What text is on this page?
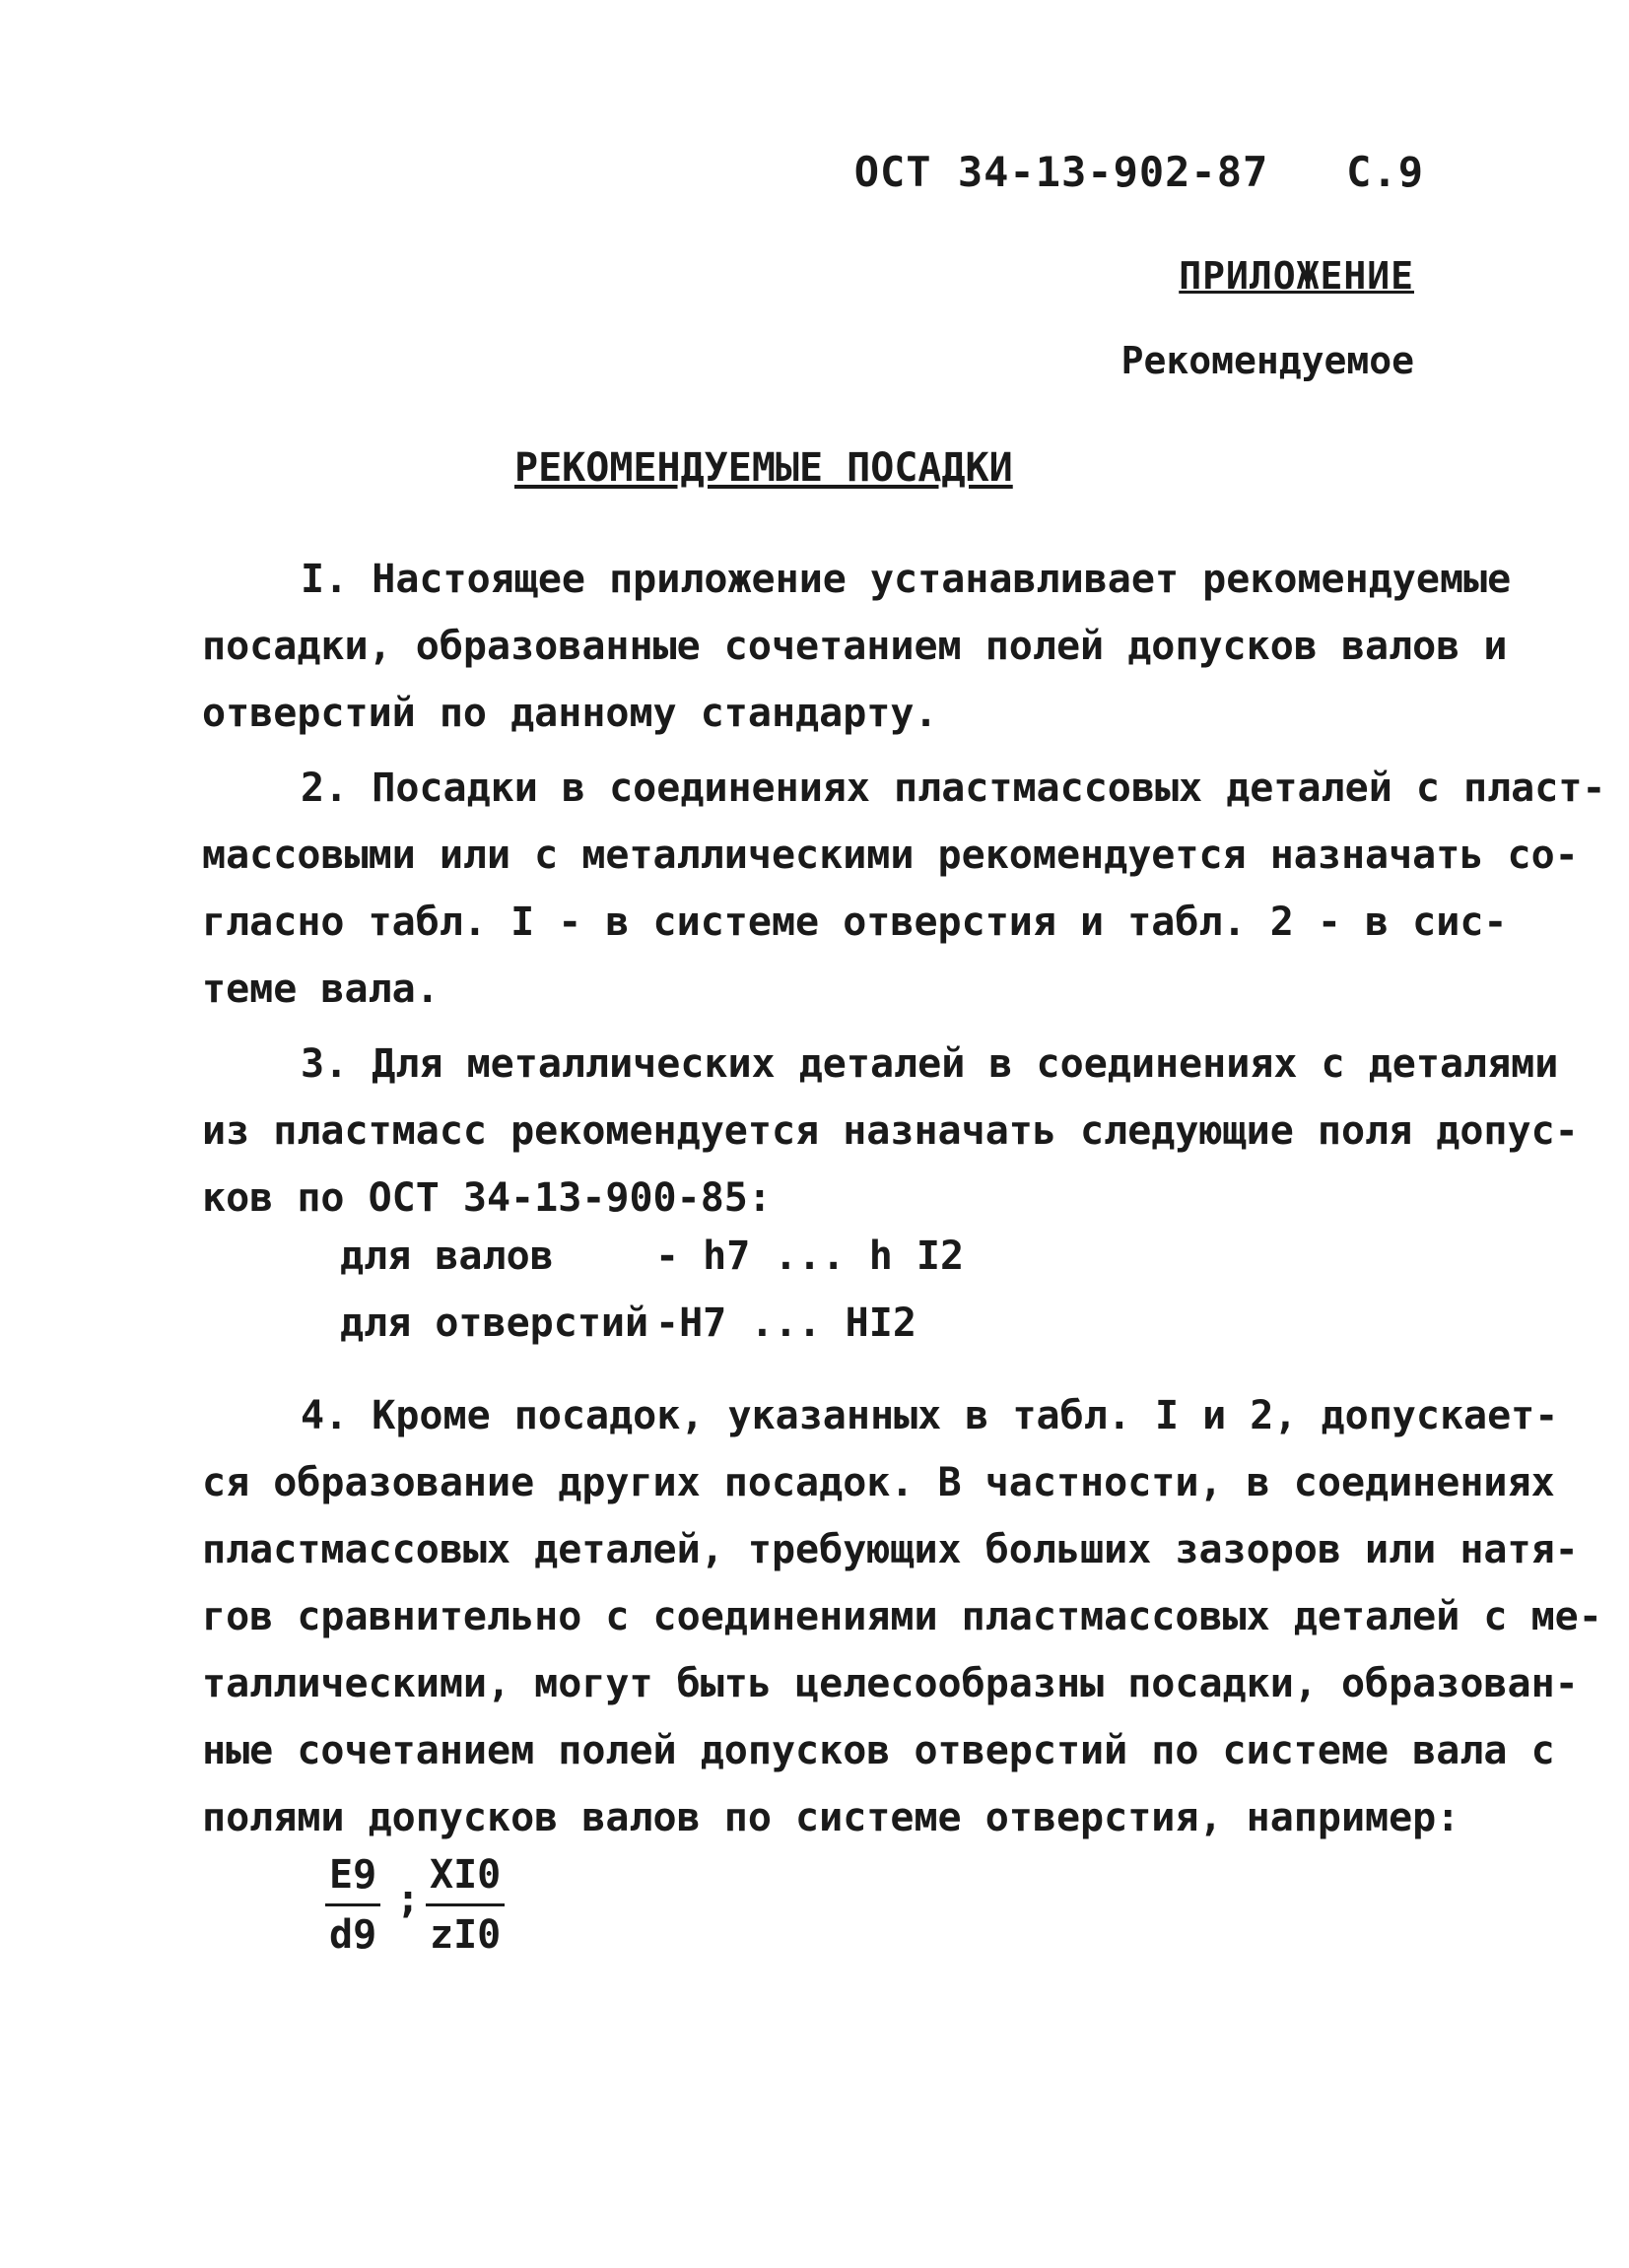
ОСТ 34-13-902-87 С.9
ПРИЛОЖЕНИЕ
Рекомендуемое
РЕКОМЕНДУЕМЫЕ ПОСАДКИ
I. Настоящее приложение устанавливает рекомендуемые
посадки, образованные сочетанием полей допусков валов и
отверстий по данному стандарту.
2. Посадки в соединениях пластмассовых деталей с пласт-
массовыми или с металлическими рекомендуется назначать со-
гласно табл. I - в системе отверстия и табл. 2 - в сис-
теме вала.
3. Для металлических деталей в соединениях с деталями
из пластмасс рекомендуется назначать следующие поля допус-
ков по ОСТ 34-13-900-85:
для валов	- h7 ... h I2
для отверстий -H7 ... HI2
4. Кроме посадок, указанных в табл. I и 2, допускает-
ся образование других посадок. В частности, в соединениях
пластмассовых деталей, требующих больших зазоров или натя-
гов сравнительно с соединениями пластмассовых деталей с ме-
таллическими, могут быть целесообразны посадки, образован-
ные сочетанием полей допусков отверстий по системе вала с
полями допусков валов по системе отверстия, например:
$\frac{E9}{d9}$ ; $\frac{XI0}{zI0}$
